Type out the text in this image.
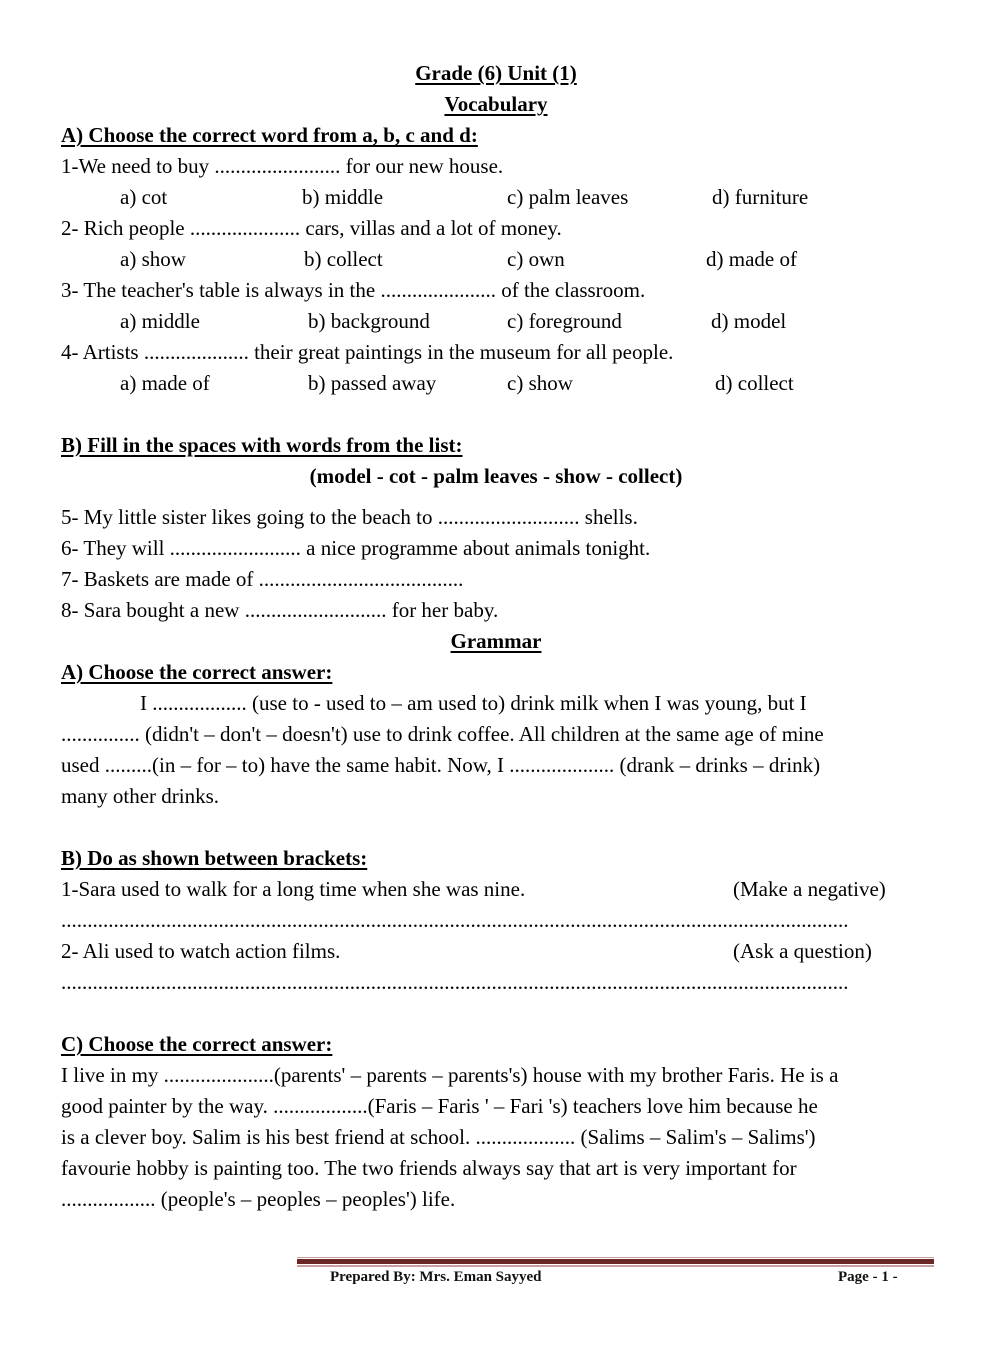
Grade (6) Unit (1)
Vocabulary
A) Choose the correct word from a, b, c and d:
1-We need to buy ........................ for our new house.
a) cot	b) middle	c) palm leaves	d) furniture
2- Rich people ..................... cars, villas and a lot of money.
a) show	b) collect	c) own	d) made of
3- The teacher's table is always in the ...................... of the classroom.
a) middle	b) background	c) foreground	d) model
4- Artists .................... their great paintings in the museum for all people.
a) made of	b) passed away	c) show	d) collect
B) Fill in the spaces with words from the list:
(model - cot - palm leaves - show - collect)
5- My little sister likes going to the beach to ........................... shells.
6- They will ......................... a nice programme about animals tonight.
7- Baskets are made of .......................................
8- Sara bought a new ........................... for her baby.
Grammar
A) Choose the correct answer:
I .................. (use to - used to – am used to) drink milk when I was young, but I
............... (didn't – don't – doesn't) use to drink coffee. All children at the same age of mine
used .........(in – for – to) have the same habit. Now, I .................... (drank – drinks – drink)
many other drinks.
B) Do as shown between brackets:
1-Sara used to walk for a long time when she was nine.	(Make a negative)
......................................................................................................................................................
2- Ali used to watch action films.	(Ask a question)
......................................................................................................................................................
C) Choose the correct answer:
I live in my .....................(parents' – parents – parents's) house with my brother Faris. He is a
good painter by the way. ..................(Faris – Faris ' – Fari 's) teachers love him because he
is a clever boy. Salim is his best friend at school. ................... (Salims – Salim's – Salims')
favourie hobby is painting too. The two friends always say that art is very important for
.................. (people's – peoples – peoples') life.
Prepared By: Mrs. Eman Sayyed	Page - 1 -
